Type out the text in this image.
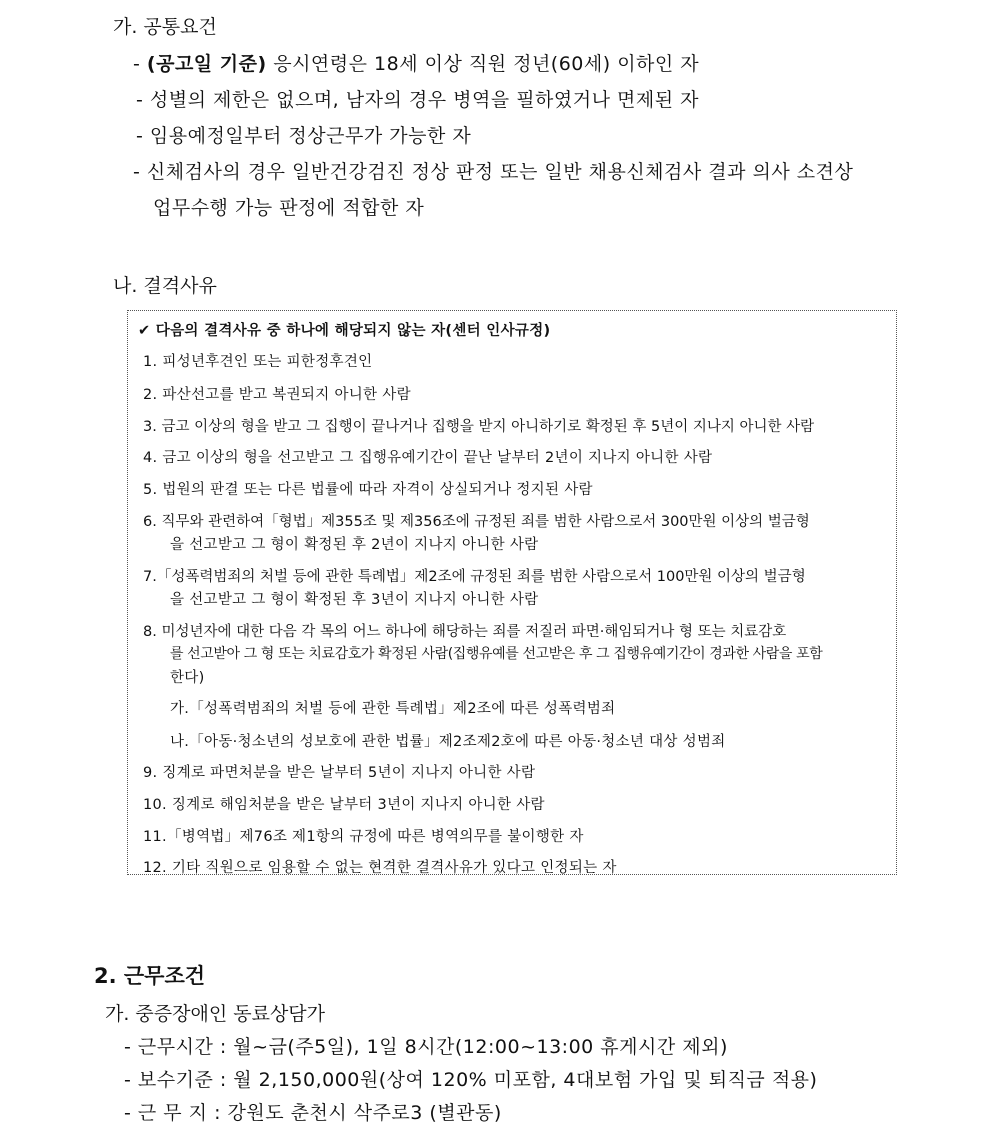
가. 공통요건
- (공고일 기준) 응시연령은 18세 이상 직원 정년(60세) 이하인 자
- 성별의 제한은 없으며, 남자의 경우 병역을 필하였거나 면제된 자
- 임용예정일부터 정상근무가 가능한 자
- 신체검사의 경우 일반건강검진 정상 판정 또는 일반 채용신체검사 결과 의사 소견상
업무수행 가능 판정에 적합한 자
나. 결격사유
✔ 다음의 결격사유 중 하나에 해당되지 않는 자(센터 인사규정)
1. 피성년후견인 또는 피한정후견인
2. 파산선고를 받고 복권되지 아니한 사람
3. 금고 이상의 형을 받고 그 집행이 끝나거나 집행을 받지 아니하기로 확정된 후 5년이 지나지 아니한 사람
4. 금고 이상의 형을 선고받고 그 집행유예기간이 끝난 날부터 2년이 지나지 아니한 사람
5. 법원의 판결 또는 다른 법률에 따라 자격이 상실되거나 정지된 사람
6. 직무와 관련하여「형법」제355조 및 제356조에 규정된 죄를 범한 사람으로서 300만원 이상의 벌금형
을 선고받고 그 형이 확정된 후 2년이 지나지 아니한 사람
7.「성폭력범죄의 처벌 등에 관한 특례법」제2조에 규정된 죄를 범한 사람으로서 100만원 이상의 벌금형
을 선고받고 그 형이 확정된 후 3년이 지나지 아니한 사람
8. 미성년자에 대한 다음 각 목의 어느 하나에 해당하는 죄를 저질러 파면·해임되거나 형 또는 치료감호
를 선고받아 그 형 또는 치료감호가 확정된 사람(집행유예를 선고받은 후 그 집행유예기간이 경과한 사람을 포함
한다)
가.「성폭력범죄의 처벌 등에 관한 특례법」제2조에 따른 성폭력범죄
나.「아동·청소년의 성보호에 관한 법률」제2조제2호에 따른 아동·청소년 대상 성범죄
9. 징계로 파면처분을 받은 날부터 5년이 지나지 아니한 사람
10. 징계로 해임처분을 받은 날부터 3년이 지나지 아니한 사람
11.「병역법」제76조 제1항의 규정에 따른 병역의무를 불이행한 자
12. 기타 직원으로 임용할 수 없는 현격한 결격사유가 있다고 인정되는 자
2. 근무조건
가. 중증장애인 동료상담가
- 근무시간 : 월~금(주5일), 1일 8시간(12:00~13:00 휴게시간 제외)
- 보수기준 : 월 2,150,000원(상여 120% 미포함, 4대보험 가입 및 퇴직금 적용)
- 근 무 지 : 강원도 춘천시 삭주로3 (별관동)
